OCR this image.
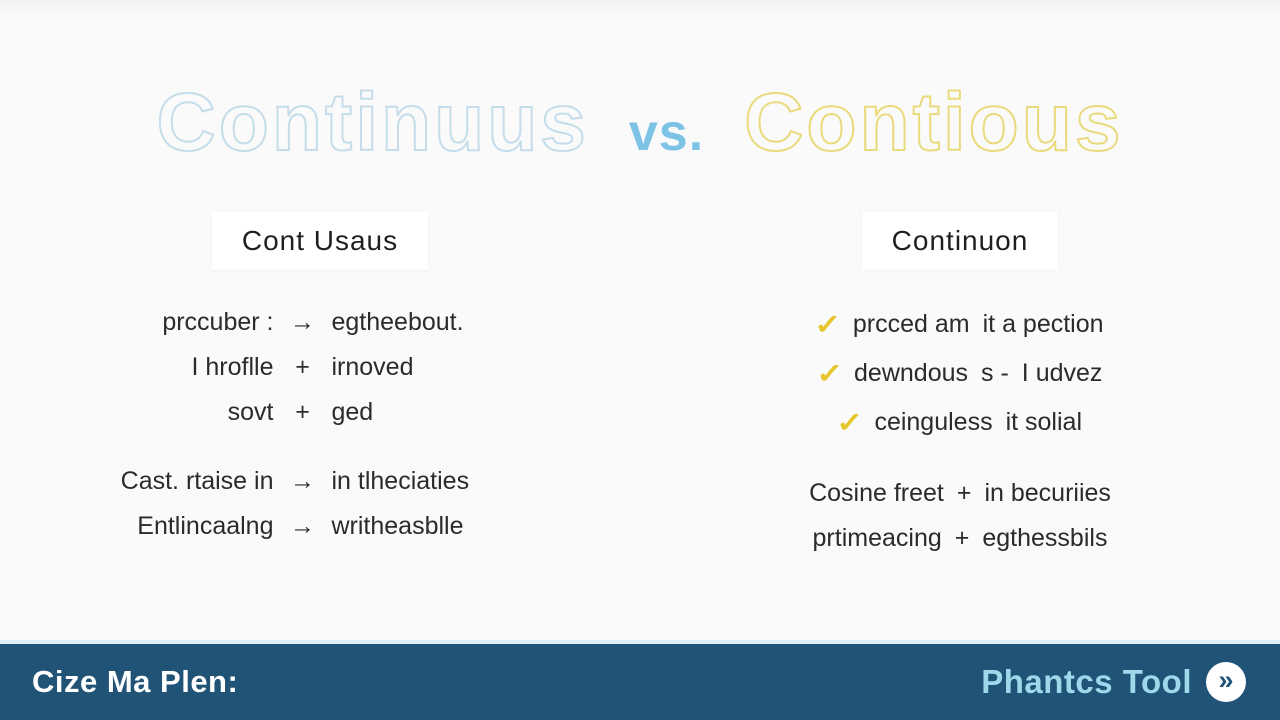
Continuus vs. Contious
Cont Usaus
prccuber : → egtheebout.
I hroflle + irnoved
sovt + ged
Cast. rtaise in → in tlheciaties
Entlincaalng → writheasblle
Continuon
✓ prcced am it a pection
✓ dewndous s - I udvez
✓ ceinguless it solial
Cosine freet + in becuriies
prtimeacing + egthessbils
Cize Ma Plen:	Phantcs Tool »
